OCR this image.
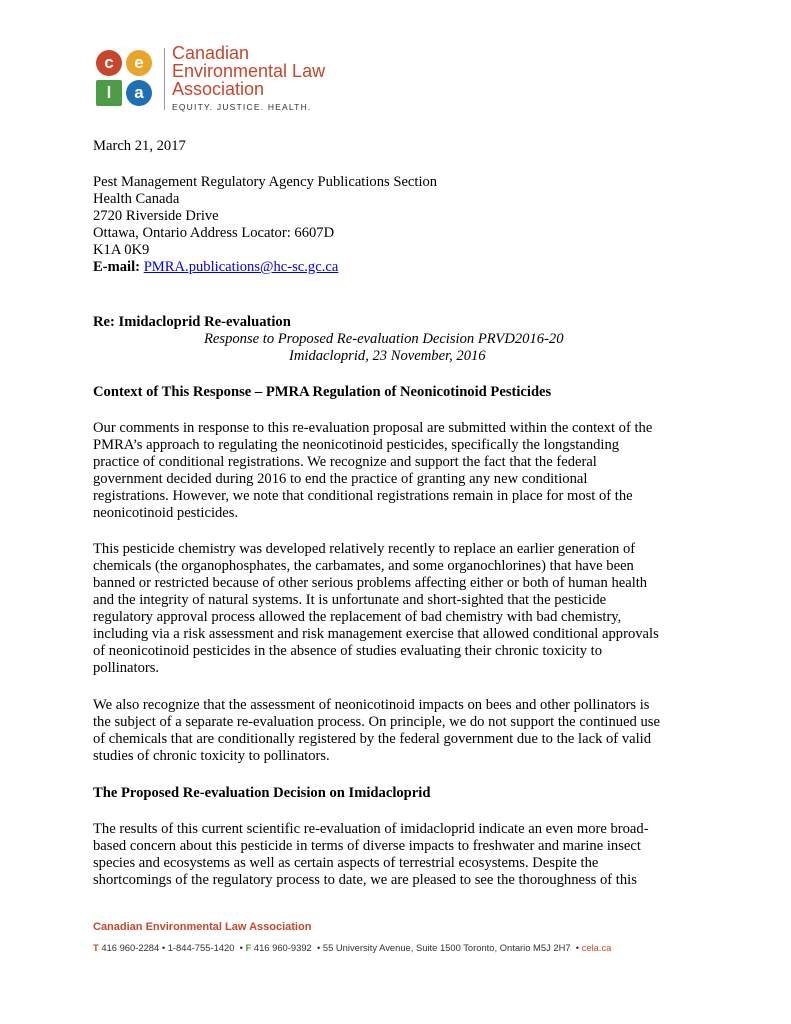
c	e
l	a
Canadian
Environmental Law
Association
EQUITY. JUSTICE. HEALTH.
March 21, 2017
Pest Management Regulatory Agency Publications Section
Health Canada
2720 Riverside Drive
Ottawa, Ontario Address Locator: 6607D
K1A 0K9
E-mail: PMRA.publications@hc-sc.gc.ca
Re: Imidacloprid Re-evaluation
Response to Proposed Re-evaluation Decision PRVD2016-20
Imidacloprid, 23 November, 2016
Context of This Response – PMRA Regulation of Neonicotinoid Pesticides
Our comments in response to this re-evaluation proposal are submitted within the context of the
PMRA’s approach to regulating the neonicotinoid pesticides, specifically the longstanding
practice of conditional registrations. We recognize and support the fact that the federal
government decided during 2016 to end the practice of granting any new conditional
registrations. However, we note that conditional registrations remain in place for most of the
neonicotinoid pesticides.
This pesticide chemistry was developed relatively recently to replace an earlier generation of
chemicals (the organophosphates, the carbamates, and some organochlorines) that have been
banned or restricted because of other serious problems affecting either or both of human health
and the integrity of natural systems. It is unfortunate and short-sighted that the pesticide
regulatory approval process allowed the replacement of bad chemistry with bad chemistry,
including via a risk assessment and risk management exercise that allowed conditional approvals
of neonicotinoid pesticides in the absence of studies evaluating their chronic toxicity to
pollinators.
We also recognize that the assessment of neonicotinoid impacts on bees and other pollinators is
the subject of a separate re-evaluation process. On principle, we do not support the continued use
of chemicals that are conditionally registered by the federal government due to the lack of valid
studies of chronic toxicity to pollinators.
The Proposed Re-evaluation Decision on Imidacloprid
The results of this current scientific re-evaluation of imidacloprid indicate an even more broad-
based concern about this pesticide in terms of diverse impacts to freshwater and marine insect
species and ecosystems as well as certain aspects of terrestrial ecosystems. Despite the
shortcomings of the regulatory process to date, we are pleased to see the thoroughness of this
Canadian Environmental Law Association
T 416 960-2284 • 1-844-755-1420  • F 416 960-9392  • 55 University Avenue, Suite 1500 Toronto, Ontario M5J 2H7  • cela.ca
